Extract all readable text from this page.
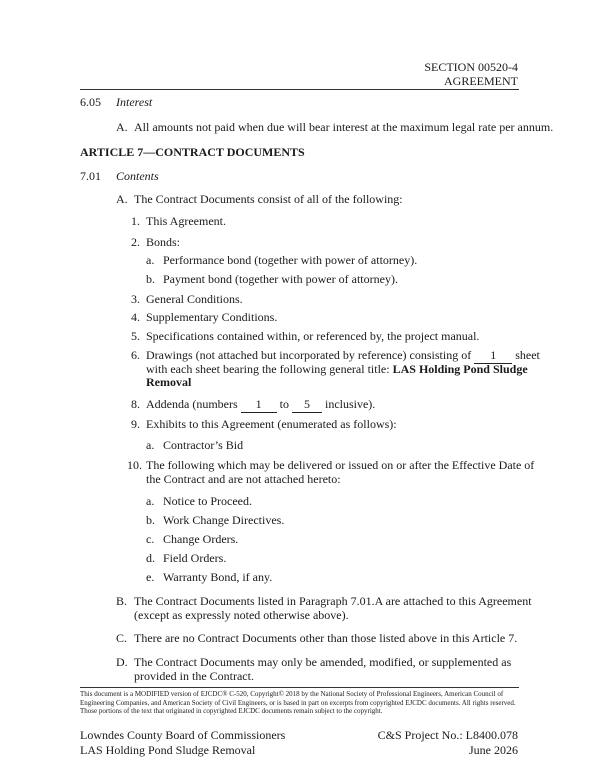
SECTION 00520-4
AGREEMENT
6.05 Interest
A. All amounts not paid when due will bear interest at the maximum legal rate per annum.
ARTICLE 7—CONTRACT DOCUMENTS
7.01 Contents
A. The Contract Documents consist of all of the following:
1. This Agreement.
2. Bonds:
a. Performance bond (together with power of attorney).
b. Payment bond (together with power of attorney).
3. General Conditions.
4. Supplementary Conditions.
5. Specifications contained within, or referenced by, the project manual.
6. Drawings (not attached but incorporated by reference) consisting of 1 sheet
with each sheet bearing the following general title: LAS Holding Pond Sludge
Removal
8. Addenda (numbers 1 to 5 inclusive).
9. Exhibits to this Agreement (enumerated as follows):
a. Contractor’s Bid
10. The following which may be delivered or issued on or after the Effective Date of
the Contract and are not attached hereto:
a. Notice to Proceed.
b. Work Change Directives.
c. Change Orders.
d. Field Orders.
e. Warranty Bond, if any.
B. The Contract Documents listed in Paragraph 7.01.A are attached to this Agreement
(except as expressly noted otherwise above).
C. There are no Contract Documents other than those listed above in this Article 7.
D. The Contract Documents may only be amended, modified, or supplemented as
provided in the Contract.
This document is a MODIFIED version of EJCDC® C-520, Copyright© 2018 by the National Society of Professional Engineers, American Council of Engineering Companies, and American Society of Civil Engineers, or is based in part on excerpts from copyrighted EJCDC documents. All rights reserved. Those portions of the text that originated in copyrighted EJCDC documents remain subject to the copyright.
Lowndes County Board of Commissioners
LAS Holding Pond Sludge Removal
C&S Project No.: L8400.078
June 2026
